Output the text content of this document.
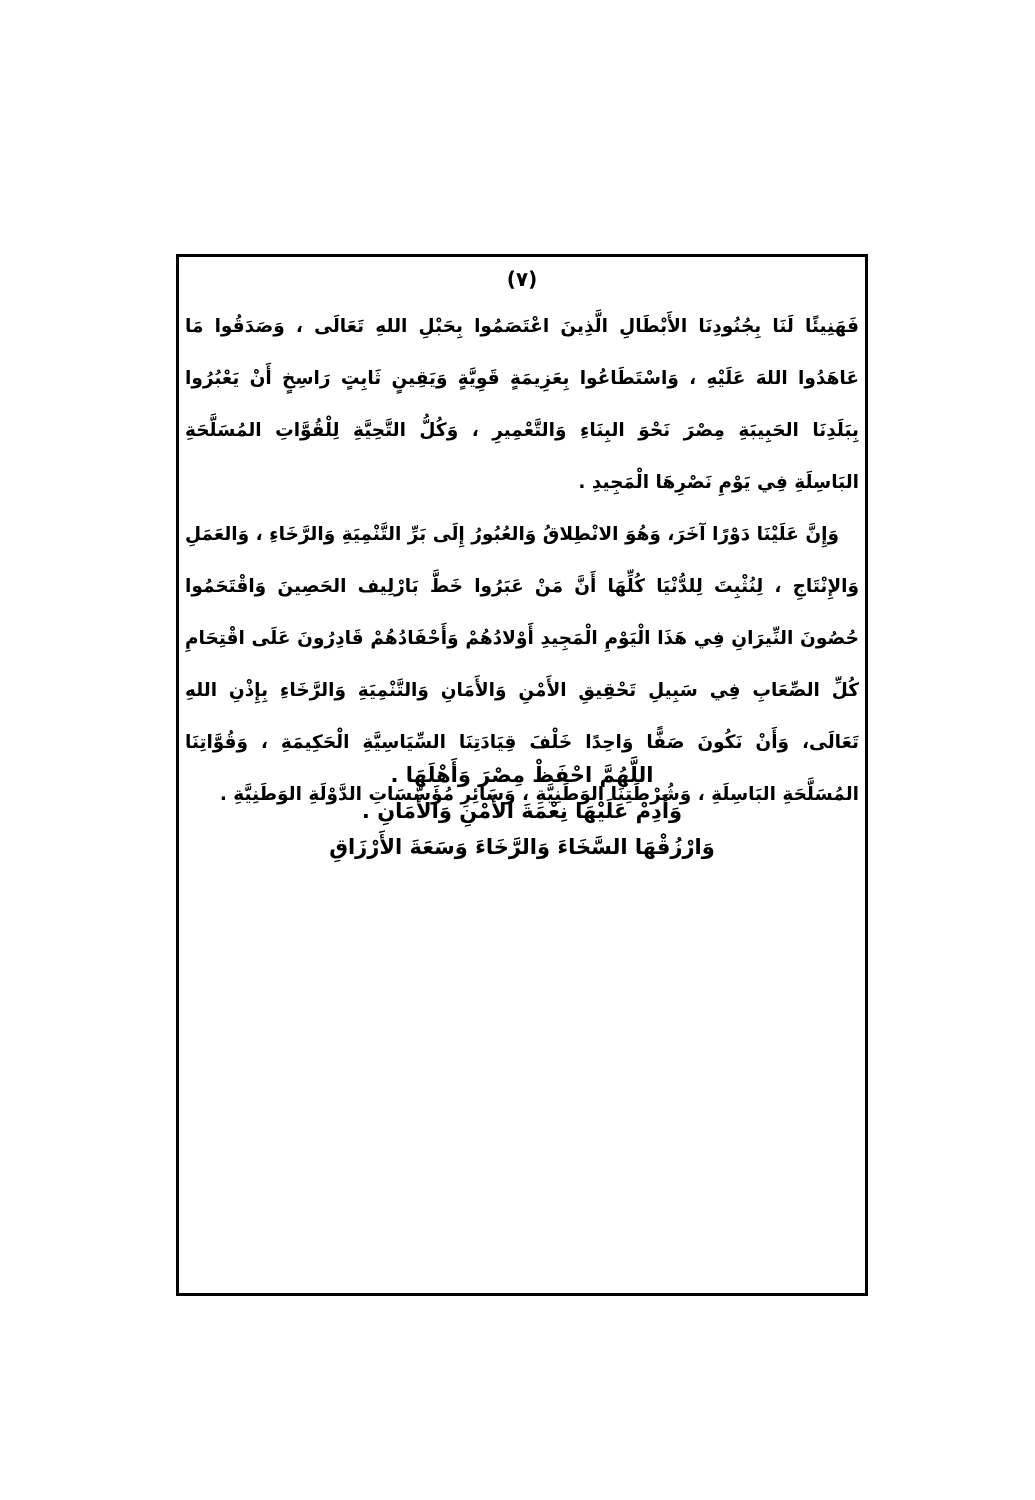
(٧)

فَهَنِيئًا لَنَا بِجُنُودِنَا الأَبْطَالِ الَّذِينَ اعْتَصَمُوا بِحَبْلِ اللهِ تَعَالَى ، وَصَدَقُوا مَا عَاهَدُوا اللهَ عَلَيْهِ ، وَاسْتَطَاعُوا بِعَزِيمَةٍ قَوِيَّةٍ وَيَقِينٍ ثَابِتٍ رَاسِخٍ أَنْ يَعْبُرُوا بِبَلَدِنَا الحَبِيبَةِ مِصْرَ نَحْوَ البِنَاءِ وَالتَّعْمِيرِ ، وَكُلُّ التَّحِيَّةِ لِلْقُوَّاتِ المُسَلَّحَةِ البَاسِلَةِ فِي يَوْمِ نَصْرِهَا الْمَجِيدِ .

وَإِنَّ عَلَيْنَا دَوْرًا آخَرَ، وَهُوَ الانْطِلاقُ وَالعُبُورُ إِلَى بَرِّ التَّنْمِيَةِ وَالرَّخَاءِ ، وَالعَمَلِ وَالإِنْتَاجِ ، لِنُثْبِتَ لِلدُّنْيَا كُلِّهَا أَنَّ مَنْ عَبَرُوا خَطَّ بَارْلِيف الحَصِينَ وَاقْتَحَمُوا حُصُونَ النِّيرَانِ فِي هَذَا الْيَوْمِ الْمَجِيدِ أَوْلادُهُمْ وَأَحْفَادُهُمْ قَادِرُونَ عَلَى اقْتِحَامِ كُلِّ الصِّعَابِ فِي سَبِيلِ تَحْقِيقِ الأَمْنِ وَالأَمَانِ وَالتَّنْمِيَةِ وَالرَّخَاءِ بِإِذْنِ اللهِ تَعَالَى، وَأَنْ نَكُونَ صَفًّا وَاحِدًا خَلْفَ قِيَادَتِنَا السِّيَاسِيَّةِ الْحَكِيمَةِ ، وَقُوَّاتِنَا المُسَلَّحَةِ البَاسِلَةِ ، وَشُرْطَتِنَا الوَطَنِيَّةِ ، وَسَائِرِ مُؤَسَّسَاتِ الدَّوْلَةِ الوَطَنِيَّةِ .

اللَّهُمَّ احْفَظْ مِصْرَ وَأَهْلَهَا .
وَأَدِمْ عَلَيْهَا نِعْمَةَ الأَمْنِ وَالأَمَانِ .
وَارْزُقْهَا السَّخَاءَ وَالرَّخَاءَ وَسَعَةَ الأَرْزَاقِ
